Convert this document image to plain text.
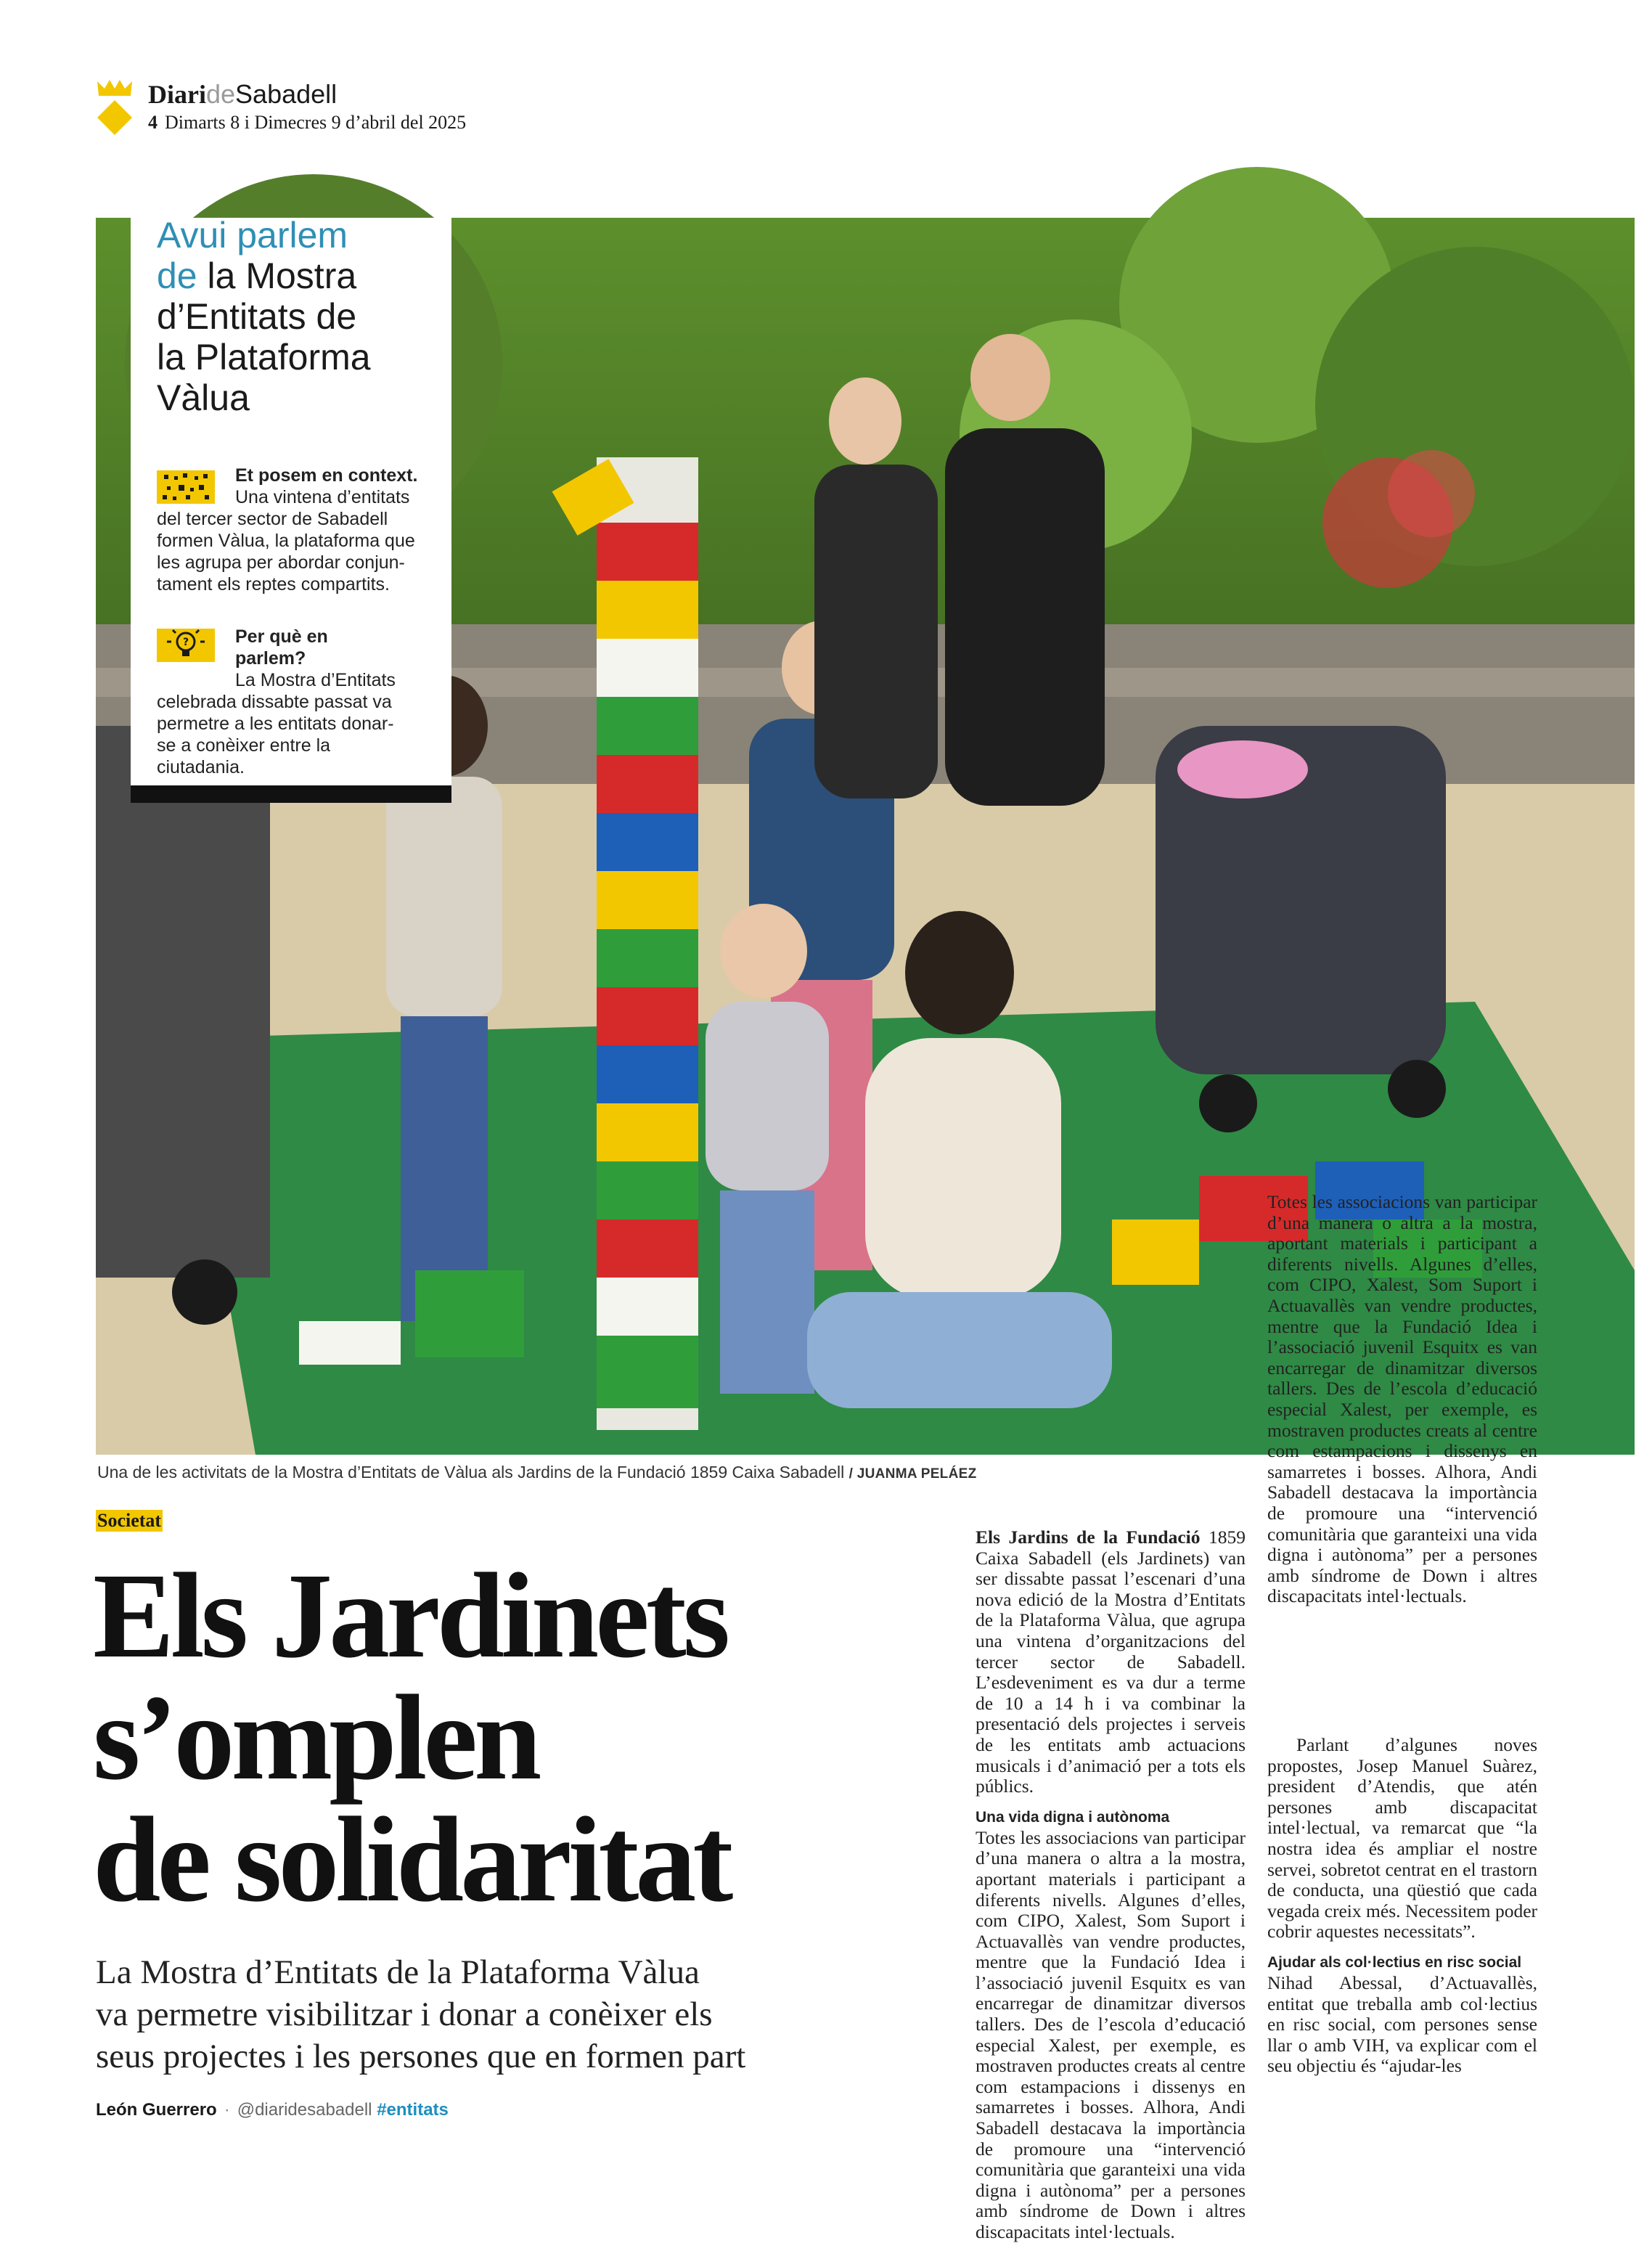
DiarideSabadell
4 Dimarts 8 i Dimecres 9 d’abril del 2025
Avui parlem
de la Mostra
d’Entitats de
la Plataforma
Vàlua
Et posem en context.
Una vintena d’entitats del tercer sector de Sabadell formen Vàlua, la plataforma que les agrupa per abordar conjun- tament els reptes compartits.
?	Per què en parlem?
La Mostra d’Entitats celebrada dissabte passat va permetre a les entitats donar-se a conèixer entre la ciutadania.
Una de les activitats de la Mostra d’Entitats de Vàlua als Jardins de la Fundació 1859 Caixa Sabadell / JUANMA PELÁEZ
Societat
Els Jardinets
s’omplen
de solidaritat
La Mostra d’Entitats de la Plataforma Vàlua
va permetre visibilitzar i donar a conèixer els
seus projectes i les persones que en formen part
León Guerrero · @diaridesabadell #entitats

Els Jardins de la Fundació 1859 Caixa Sabadell (els Jardinets) van ser dissabte passat l’escenari d’una nova edició de la Mostra d’Entitats de la Plataforma Vàlua, que agrupa una vintena d’organitzacions del tercer sector de Sabadell. L’esdeveniment es va dur a terme de 10 a 14 h i va combinar la presentació dels projectes i serveis de les entitats amb actuacions musicals i d’animació per a tots els públics.

Una vida digna i autònoma

Totes les associacions van participar d’una manera o altra a la mostra, aportant materials i participant a diferents nivells. Algunes d’elles, com CIPO, Xalest, Som Suport i Actuavallès van vendre productes, mentre que la Fundació Idea i l’associació juvenil Esquitx es van encarregar de dinamitzar diversos tallers. Des de l’escola d’educació especial Xalest, per exemple, es mostraven productes creats al centre com estampacions i dissenys en samarretes i bosses. Alhora, Andi Sabadell destacava la importància de promoure una “intervenció comunitària que garanteixi una vida digna i autònoma” per a persones amb síndrome de Down i altres discapacitats intel·lectuals.

Totes les associacions van participar d’una manera o altra a la mostra, aportant materials i participant a diferents nivells. Algunes d’elles, com CIPO, Xalest, Som Suport i Actuavallès van vendre productes, mentre que la Fundació Idea i l’associació juvenil Esquitx es van encarregar de dinamitzar diversos tallers. Des de l’escola d’educació especial Xalest, per exemple, es mostraven productes creats al centre com estampacions i dissenys en samarretes i bosses. Alhora, Andi Sabadell destacava la importància de promoure una “intervenció comunitària que garanteixi una vida digna i autònoma” per a persones amb síndrome de Down i altres discapacitats intel·lectuals.

Parlant d’algunes noves propostes, Josep Manuel Suàrez, president d’Atendis, que atén persones amb discapacitat intel·lectual, va remarcat que “la nostra idea és ampliar el nostre servei, sobretot centrat en el trastorn de conducta, una qüestió que cada vegada creix més. Necessitem poder cobrir aquestes necessitats”.

Ajudar als col·lectius en risc social

Nihad Abessal, d’Actuavallès, entitat que treballa amb col·lectius en risc social, com persones sense llar o amb VIH, va explicar com el seu objectiu és “ajudar-les
